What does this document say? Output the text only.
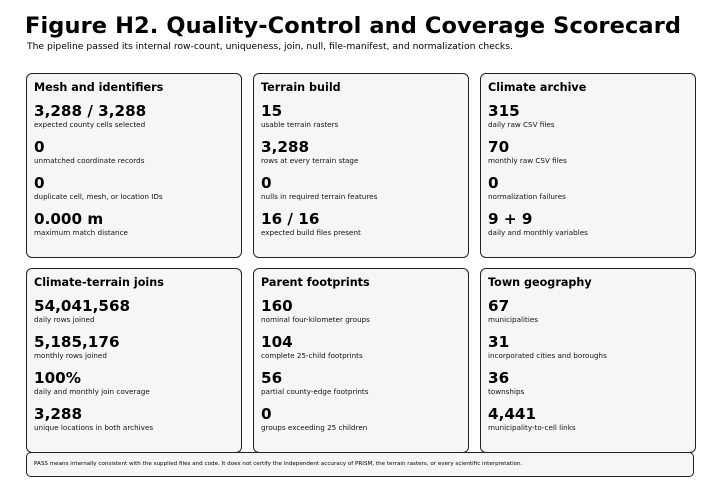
Figure H2. Quality-Control and Coverage Scorecard
The pipeline passed its internal row-count, uniqueness, join, null, file-manifest, and normalization checks.
Mesh and identifiers
3,288 / 3,288
expected county cells selected
0
unmatched coordinate records
0
duplicate cell, mesh, or location IDs
0.000 m
maximum match distance
Terrain build
15
usable terrain rasters
3,288
rows at every terrain stage
0
nulls in required terrain features
16 / 16
expected build files present
Climate archive
315
daily raw CSV files
70
monthly raw CSV files
0
normalization failures
9 + 9
daily and monthly variables
Climate-terrain joins
54,041,568
daily rows joined
5,185,176
monthly rows joined
100%
daily and monthly join coverage
3,288
unique locations in both archives
Parent footprints
160
nominal four-kilometer groups
104
complete 25-child footprints
56
partial county-edge footprints
0
groups exceeding 25 children
Town geography
67
municipalities
31
incorporated cities and boroughs
36
townships
4,441
municipality-to-cell links
PASS means internally consistent with the supplied files and code. It does not certify the independent accuracy of PRISM, the terrain rasters, or every scientific interpretation.
